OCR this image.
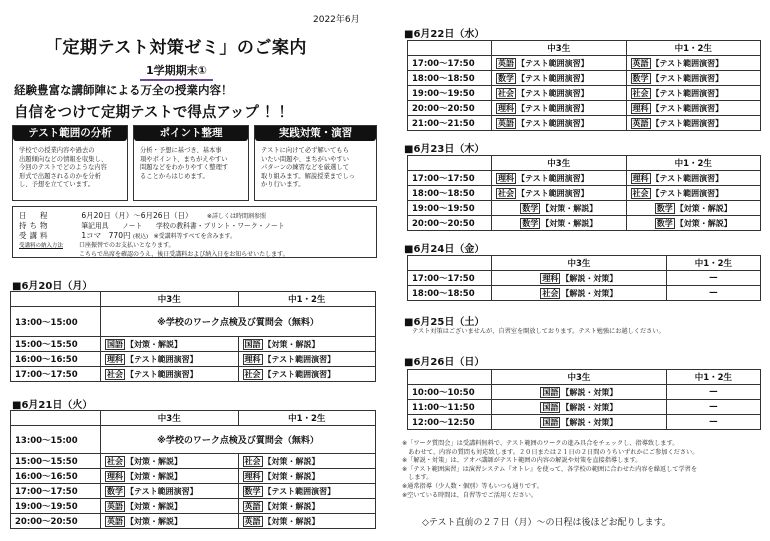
2022年6月
「定期テスト対策ゼミ」のご案内
1学期期末①
経験豊富な講師陣による万全の授業内容！
自信をつけて定期テストで得点アップ ！！
テスト範囲の分析
学校での授業内容や過去の
出題傾向などの情報を収集し、
今回のテストでどのような内容
形式で出題されるのかを分析
し、予想を立てています。
ポイント整理
分析・予想に基づき、基本事
項やポイント、まちがえやすい
問題などをわかりやすく整理す
ることからはじめます。
実践対策・演習
テストに向けて必ず解いてもら
いたい問題や、まちがいやすい
パターンの練習などを厳選して
取り組みます。解説授業までしっ
かり行います。
日　程	6月20日（月）〜6月26日（日） ※詳しくは時間割参照
持ち物	筆記用具　　ノート　　学校の教科書・プリント・ワーク・ノート
受講料	1コマ　770円 (税込) ※受講料等すべてを含みます。
受講料の納入方法	口座振替でのお支払いとなります。
こちらで出席を確認のうえ、後日受講料および納入日をお知らせいたします。
■6月20日（月）
	中3生	中1・2生
13:00〜15:00	※学校のワーク点検及び質問会（無料）	
15:00〜15:50	国語 【対策・解説】	国語 【対策・解説】
16:00〜16:50	理科 【テスト範囲演習】	理科 【テスト範囲演習】
17:00〜17:50	社会 【テスト範囲演習】	社会 【テスト範囲演習】
■6月21日（火）
	中3生	中1・2生
13:00〜15:00	※学校のワーク点検及び質問会（無料）	
15:00〜15:50	社会 【対策・解説】	社会 【対策・解説】
16:00〜16:50	理科 【対策・解説】	理科 【対策・解説】
17:00〜17:50	数学 【テスト範囲演習】	数学 【テスト範囲演習】
19:00〜19:50	英語 【対策・解説】	英語 【対策・解説】
20:00〜20:50	英語 【対策・解説】	英語 【対策・解説】
■6月22日（水）
	中3生	中1・2生
17:00〜17:50	英語 【テスト範囲演習】	英語 【テスト範囲演習】
18:00〜18:50	数学 【テスト範囲演習】	数学 【テスト範囲演習】
19:00〜19:50	社会 【テスト範囲演習】	社会 【テスト範囲演習】
20:00〜20:50	理科 【テスト範囲演習】	理科 【テスト範囲演習】
21:00〜21:50	英語 【テスト範囲演習】	英語 【テスト範囲演習】
■6月23日（木）
	中3生	中1・2生
17:00〜17:50	理科 【テスト範囲演習】	理科 【テスト範囲演習】
18:00〜18:50	社会 【テスト範囲演習】	社会 【テスト範囲演習】
19:00〜19:50	数学 【対策・解説】	数学 【対策・解説】
20:00〜20:50	数学 【対策・解説】	数学 【対策・解説】
■6月24日（金）
	中3生	中1・2生
17:00〜17:50	理科 【解説・対策】	—
18:00〜18:50	社会 【解説・対策】	—
■6月25日（土）
テスト対策はございませんが、自習室を開放しております。テスト勉強にお越しください。
■6月26日（日）
	中3生	中1・2生
10:00〜10:50	国語 【解説・対策】	—
11:00〜11:50	国語 【解説・対策】	—
12:00〜12:50	国語 【解説・対策】	—
※「ワーク質問会」は受講料無料で、テスト範囲のワークの進み具合をチェックし、指導致します。
　あわせて、内容の質問も対応致します。２０日または２１日の２日間のうちいずれかにご参加ください。
※「解説・対策」は、アオバ講師がテスト範囲の内容の解説や対策を直接指導します。
※「テスト範囲演習」は演習システム『オトレ』を使って、各学校の範囲に合わせた内容を繰返して学習を
　します。
※通常指導（少人数・個別）等もいつも通りです。
※空いている時間は、自習等でご活用ください。
◇テスト直前の２７日（月）〜の日程は後ほどお配りします。
